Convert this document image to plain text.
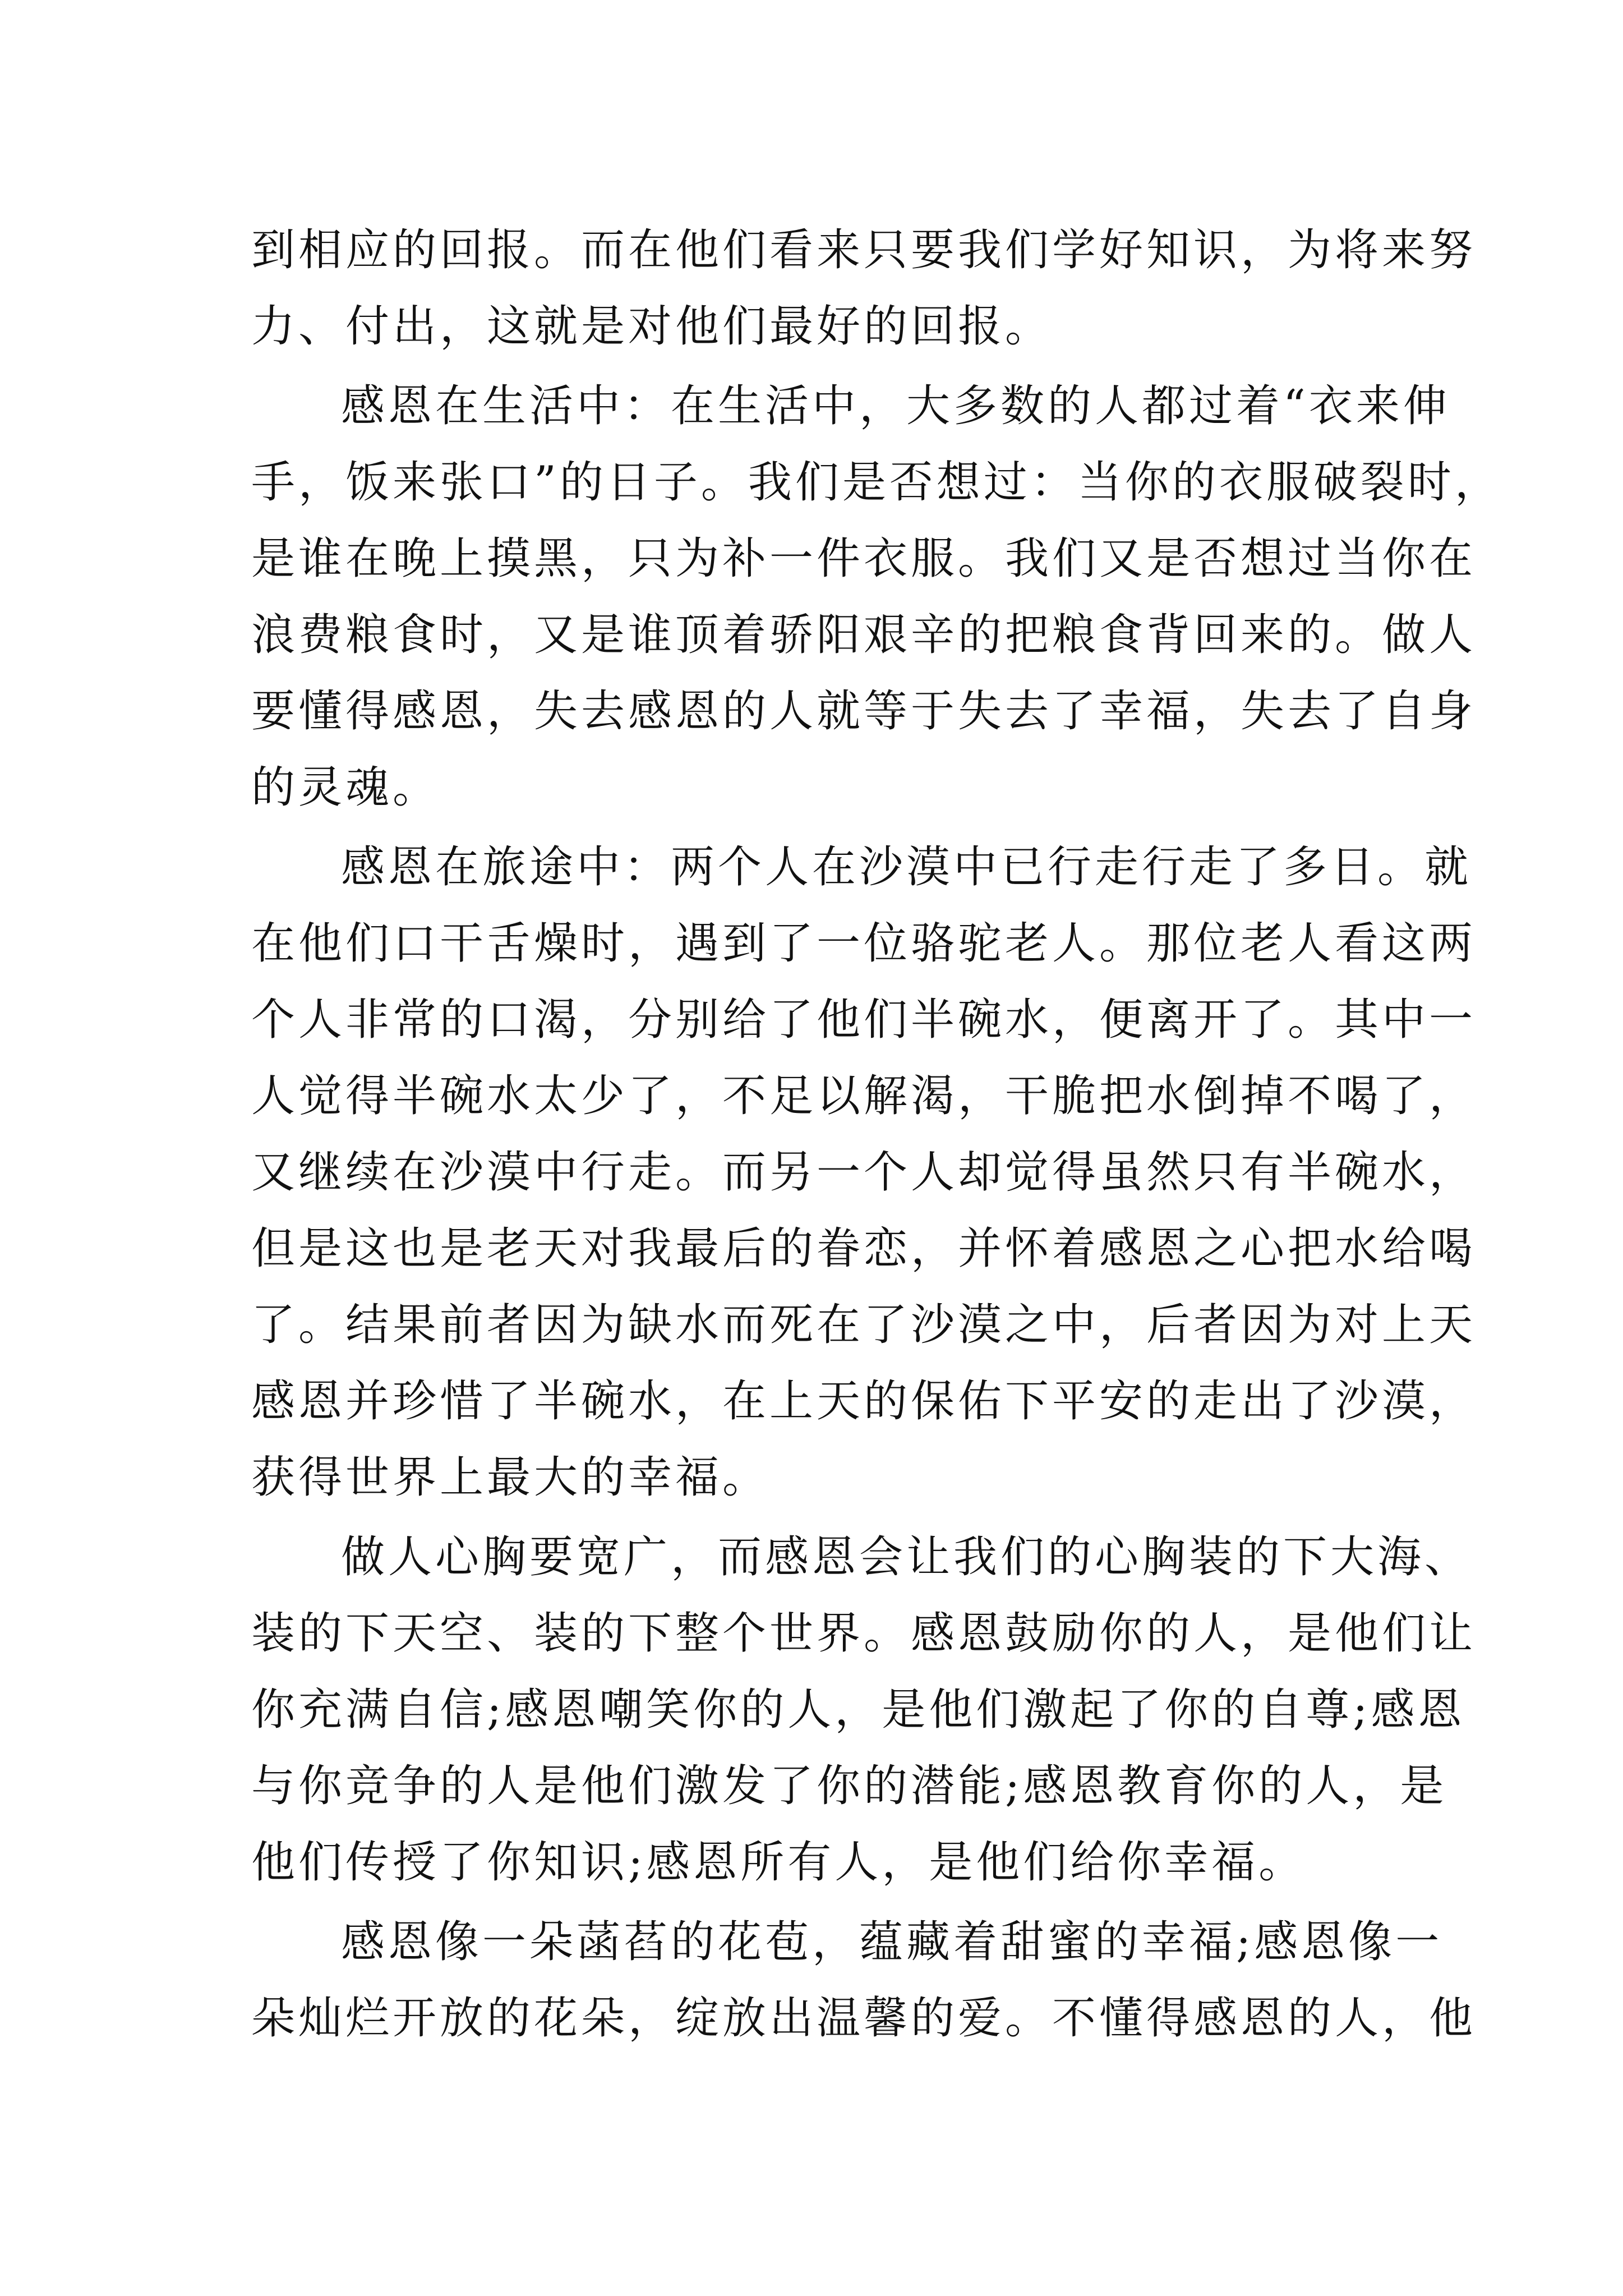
到相应的回报。而在他们看来只要我们学好知识，为将来努
力、付出，这就是对他们最好的回报。
感恩在生活中：在生活中，大多数的人都过着“衣来伸
手，饭来张口”的日子。我们是否想过：当你的衣服破裂时，
是谁在晚上摸黑，只为补一件衣服。我们又是否想过当你在
浪费粮食时，又是谁顶着骄阳艰辛的把粮食背回来的。做人
要懂得感恩，失去感恩的人就等于失去了幸福，失去了自身
的灵魂。
感恩在旅途中：两个人在沙漠中已行走行走了多日。就
在他们口干舌燥时，遇到了一位骆驼老人。那位老人看这两
个人非常的口渴，分别给了他们半碗水，便离开了。其中一
人觉得半碗水太少了，不足以解渴，干脆把水倒掉不喝了，
又继续在沙漠中行走。而另一个人却觉得虽然只有半碗水，
但是这也是老天对我最后的眷恋，并怀着感恩之心把水给喝
了。结果前者因为缺水而死在了沙漠之中，后者因为对上天
感恩并珍惜了半碗水，在上天的保佑下平安的走出了沙漠，
获得世界上最大的幸福。
做人心胸要宽广，而感恩会让我们的心胸装的下大海、
装的下天空、装的下整个世界。感恩鼓励你的人，是他们让
你充满自信;感恩嘲笑你的人，是他们激起了你的自尊;感恩
与你竞争的人是他们激发了你的潜能;感恩教育你的人，是
他们传授了你知识;感恩所有人，是他们给你幸福。
感恩像一朵菡萏的花苞，蕴藏着甜蜜的幸福;感恩像一
朵灿烂开放的花朵，绽放出温馨的爱。不懂得感恩的人，他
